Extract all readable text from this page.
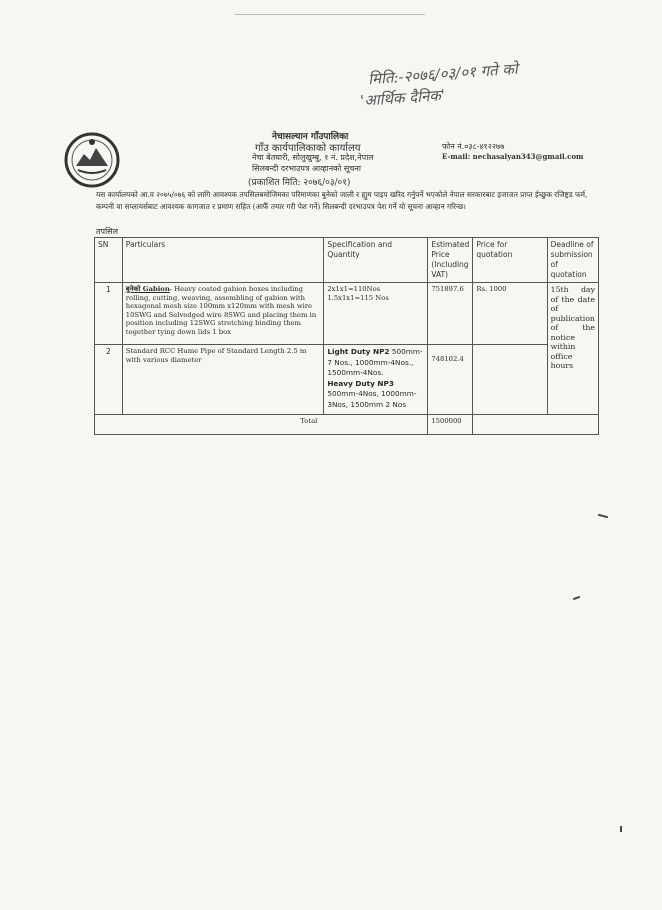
मिति:-२०७६/०३/०१ गते को
'आर्थिक दैनिक'
नेचासल्यान गाँउपालिका
गाँउ कार्यपालिकाको कार्यालय
नेचा बेतघारी, सोलुखुम्बु, १ नं. प्रदेश,नेपाल
सिलबन्दी दरभाउपत्र आव्हानको सूचना
(प्रकाशित मिति: २०७६/०३/०१)
फोन नं.०३८-४१२२७७
E-mail: nechasalyan343@gmail.com
यस कार्यालयको आ.व २०७५/०७६ को लागि आवश्यक तपसिलबमोजिमका परिमाणका बुनेको जाली र ह्युम पाइप खरिद गर्नुपर्ने भएकोले नेपाल सरकारबाट इजाजत प्राप्त ईच्छुक रजिष्ट्रड फर्म, कम्पनी वा सप्लायर्सबाट आवश्यक कागजात र प्रमाण सहित (आफैँ तयार गरी पेश गर्ने) सिलबन्दी दरभाउपत्र पेश गर्ने यो सूचना आव्हान गरिन्छ।
तपसिल
SN	Particulars	Specification and Quantity	Estimated Price (Including VAT)	Price for quotation	Deadline of submission of quotation
1	बुनेको Gabion- Heavy coated gabion boxes including rolling, cutting, weaving, assembling of gabion with hexagonal mesh size 100mm x120mm with mesh wire 10SWG and Selvedged wire 8SWG and placing them in position including 12SWG stretching binding them together tying down lids 1 box	2x1x1=110Nos
1.5x1x1=115 Nos	751897.6	Rs. 1000	15th day of the date of publication of the notice within office hours
2	Standard RCC Hume Pipe of Standard Length 2.5 m with various diameter	Light Duty NP2 500mm-7 Nos., 1000mm-4Nos., 1500mm-4Nos.
Heavy Duty NP3
500mm-4Nos, 1000mm-3Nos, 1500mm 2 Nos	748102.4		
Total			1500000		
